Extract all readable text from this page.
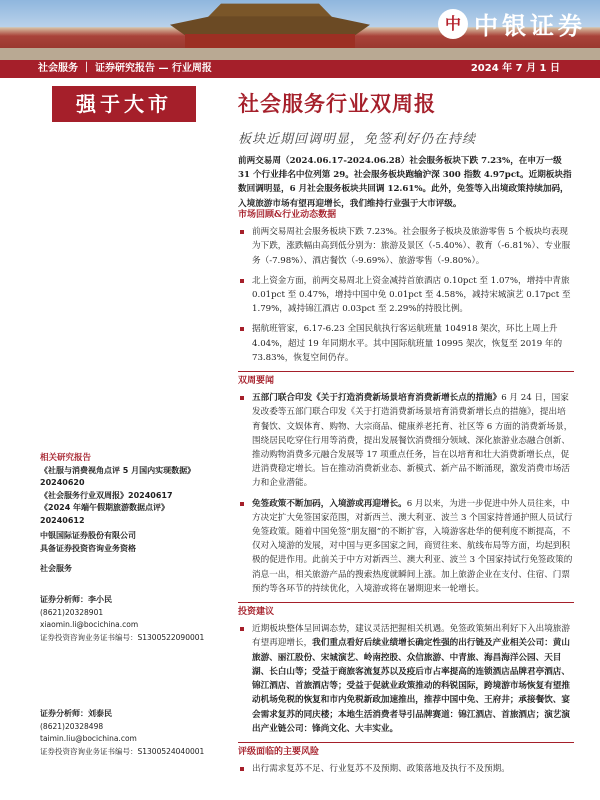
中 中银证券
社会服务 ｜ 证券研究报告 — 行业周报	2024 年 7 月 1 日
强于大市	社会服务行业双周报
板块近期回调明显，免签利好仍在持续
前两交易周（2024.06.17-2024.06.28）社会服务板块下跌 7.23%，在申万一级 31 个行业排名中位列第 29。社会服务板块跑输沪深 300 指数 4.97pct。近期板块指数回调明显，6 月社会服务板块共回调 12.61%。此外，免签等入出境政策持续加码，入境旅游市场有望再迎增长，我们维持行业强于大市评级。
市场回顾&行业动态数据
前两交易周社会服务板块下跌 7.23%。社会服务子板块及旅游零售 5 个板块均表现为下跌，涨跌幅由高到低分别为：旅游及景区（-5.40%）、教育（-6.81%）、专业服务（-7.98%）、酒店餐饮（-9.69%）、旅游零售（-9.80%）。
北上资金方面，前两交易周北上资金减持首旅酒店 0.10pct 至 1.07%，增持中青旅 0.01pct 至 0.47%，增持中国中免 0.01pct 至 4.58%，减持宋城演艺 0.17pct 至 1.79%，减持锦江酒店 0.03pct 至 2.29%的持股比例。
据航班管家，6.17-6.23 全国民航执行客运航班量 104918 架次，环比上周上升 4.04%，超过 19 年同期水平。其中国际航班量 10995 架次，恢复至 2019 年的 73.83%，恢复空间仍存。
双周要闻
五部门联合印发《关于打造消费新场景培育消费新增长点的措施》6 月 24 日，国家发改委等五部门联合印发《关于打造消费新场景培育消费新增长点的措施》，提出培育餐饮、文娱体育、购物、大宗商品、健康养老托育、社区等 6 方面的消费新场景，围绕居民吃穿住行用等消费，提出发展餐饮消费细分领域、深化旅游业态融合创新、推动购物消费多元融合发展等 17 项重点任务，旨在以培育和壮大消费新增长点，促进消费稳定增长。旨在推动消费新业态、新模式、新产品不断涌现，激发消费市场活力和企业潜能。
免签政策不断加码，入境游或再迎增长。6 月以来，为进一步促进中外人员往来，中方决定扩大免签国家范围，对新西兰、澳大利亚、波兰 3 个国家持普通护照人员试行免签政策。随着中国免签“朋友圈”的不断扩容，入境游客赴华的便利度不断提高，不仅对入境游的发展，对中国与更多国家之间，商贸往来、航线布局等方面，均起到积极的促进作用。此前关于中方对新西兰、澳大利亚、波兰 3 个国家持试行免签政策的消息一出，相关旅游产品的搜索热度就瞬间上涨。加上旅游企业在支付、住宿、门票预约等各环节的持续优化，入境游或将在暑期迎来一轮增长。
投资建议
近期板块整体呈回调态势，建议灵活把握相关机遇。免签政策频出利好下入出境旅游有望再迎增长，我们重点看好后续业绩增长确定性强的出行链及产业相关公司：黄山旅游、丽江股份、宋城演艺、岭南控股、众信旅游、中青旅、海昌海洋公园、天目湖、长白山等；受益于商旅客流复苏以及疫后市占率提高的连锁酒店品牌君亭酒店、锦江酒店、首旅酒店等；受益于促就业政策推动的科锐国际，跨境游市场恢复有望推动机场免税的恢复和市内免税新政加速推出，推荐中国中免、王府井；承接餐饮、宴会需求复苏的同庆楼；本地生活消费者导引品牌赛道：锦江酒店、首旅酒店；演艺演出产业链公司：锋尚文化、大丰实业。
评级面临的主要风险
出行需求复苏不足、行业复苏不及预期、政策落地及执行不及预期。
相关研究报告
《社服与消费视角点评 5 月国内实现数据》
20240620
《社会服务行业双周报》20240617
《2024 年端午假期旅游数据点评》20240612
中银国际证券股份有限公司
具备证券投资咨询业务资格
社会服务
证券分析师：李小民
(8621)20328901
xiaomin.li@bocichina.com
证券投资咨询业务证书编号：S1300522090001
证券分析师：刘泰民
(8621)20328498
taimin.liu@bocichina.com
证券投资咨询业务证书编号：S1300524040001
